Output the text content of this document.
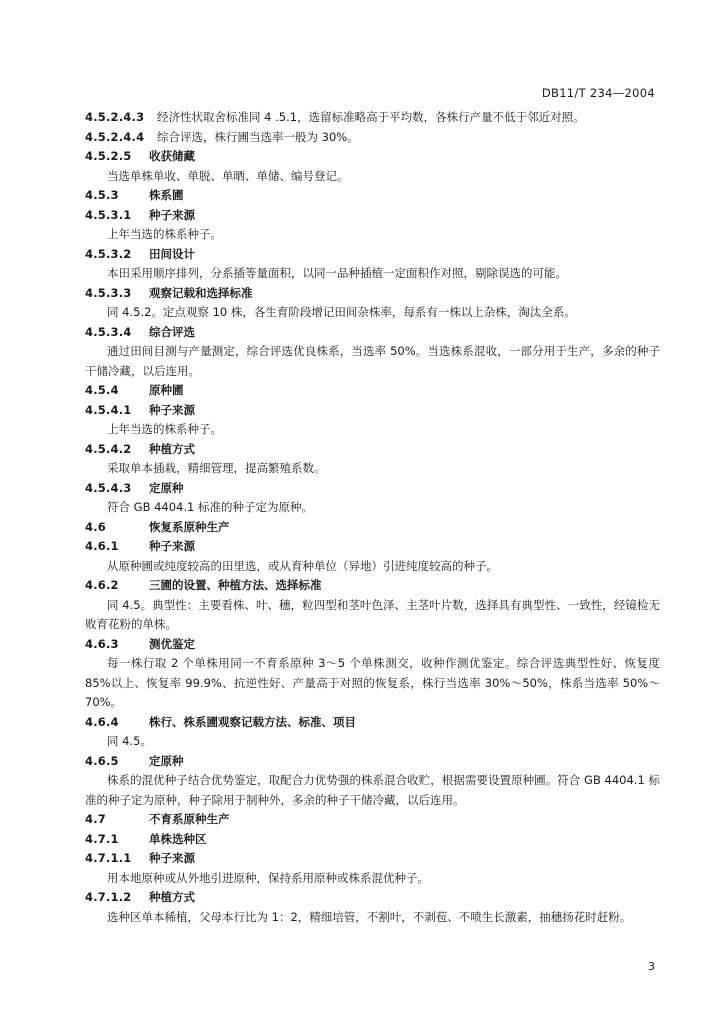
DB11/T 234—2004
4.5.2.4.3 经济性状取舍标准同 4 .5.1，选留标准略高于平均数，各株行产量不低于邻近对照。
4.5.2.4.4 综合评选，株行圃当选率一般为 30%。
4.5.2.5 收获储藏
当选单株单收、单脱、单晒、单储、编号登记。
4.5.3	株系圃
4.5.3.1 种子来源
上年当选的株系种子。
4.5.3.2 田间设计
本田采用顺序排列，分系插等量面积，以同一品种插植一定面积作对照，剔除误选的可能。
4.5.3.3 观察记载和选择标准
同 4.5.2。定点观察 10 株，各生育阶段增记田间杂株率，每系有一株以上杂株，淘汰全系。
4.5.3.4 综合评选
通过田间目测与产量测定，综合评选优良株系，当选率 50%。当选株系混收，一部分用于生产，多余的种子干储冷藏，以后连用。
4.5.4	原种圃
4.5.4.1 种子来源
上年当选的株系种子。
4.5.4.2 种植方式
采取单本插栽，精细管理，提高繁殖系数。
4.5.4.3 定原种
符合 GB 4404.1 标准的种子定为原种。
4.6	恢复系原种生产
4.6.1	种子来源
从原种圃或纯度较高的田里选，或从育种单位（异地）引进纯度较高的种子。
4.6.2	三圃的设置、种植方法、选择标准
同 4.5。典型性：主要看株、叶、穗，粒四型和茎叶色泽、主茎叶片数，选择具有典型性、一致性，经镜检无败育花粉的单株。
4.6.3	测优鉴定
每一株行取 2 个单株用同一不育系原种 3～5 个单株测交，收种作测优鉴定。综合评选典型性好、恢复度 85%以上、恢复率 99.9%、抗逆性好、产量高于对照的恢复系，株行当选率 30%～50%，株系当选率 50%～70%。
4.6.4	株行、株系圃观察记载方法、标准、项目
同 4.5。
4.6.5	定原种
株系的混优种子结合优势鉴定，取配合力优势强的株系混合收贮，根据需要设置原种圃。符合 GB 4404.1 标准的种子定为原种，种子除用于制种外，多余的种子干储冷藏，以后连用。
4.7	不育系原种生产
4.7.1	单株选种区
4.7.1.1 种子来源
用本地原种或从外地引进原种，保持系用原种或株系混优种子。
4.7.1.2 种植方式
选种区单本稀植，父母本行比为 1：2，精细培管，不割叶，不剥苞、不喷生长激素，抽穗扬花时赶粉。
3
